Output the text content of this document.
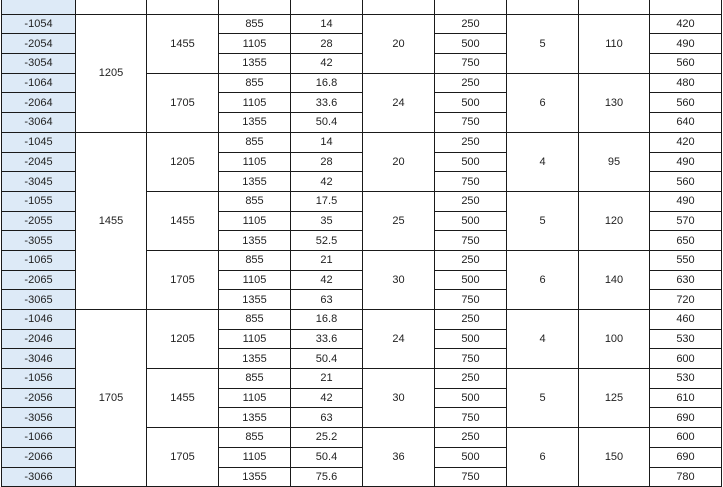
-1054	1205	1455	855	14	20	250	5	110	420
-2054			1105	28		500			490
-3054			1355	42		750			560
-1064		1705	855	16.8	24	250	6	130	480
-2064			1105	33.6		500			560
-3064			1355	50.4		750			640
-1045	1455	1205	855	14	20	250	4	95	420
-2045			1105	28		500			490
-3045			1355	42		750			560
-1055		1455	855	17.5	25	250	5	120	490
-2055			1105	35		500			570
-3055			1355	52.5		750			650
-1065		1705	855	21	30	250	6	140	550
-2065			1105	42		500			630
-3065			1355	63		750			720
-1046	1705	1205	855	16.8	24	250	4	100	460
-2046			1105	33.6		500			530
-3046			1355	50.4		750			600
-1056		1455	855	21	30	250	5	125	530
-2056			1105	42		500			610
-3056			1355	63		750			690
-1066		1705	855	25.2	36	250	6	150	600
-2066			1105	50.4		500			690
-3066			1355	75.6		750			780
